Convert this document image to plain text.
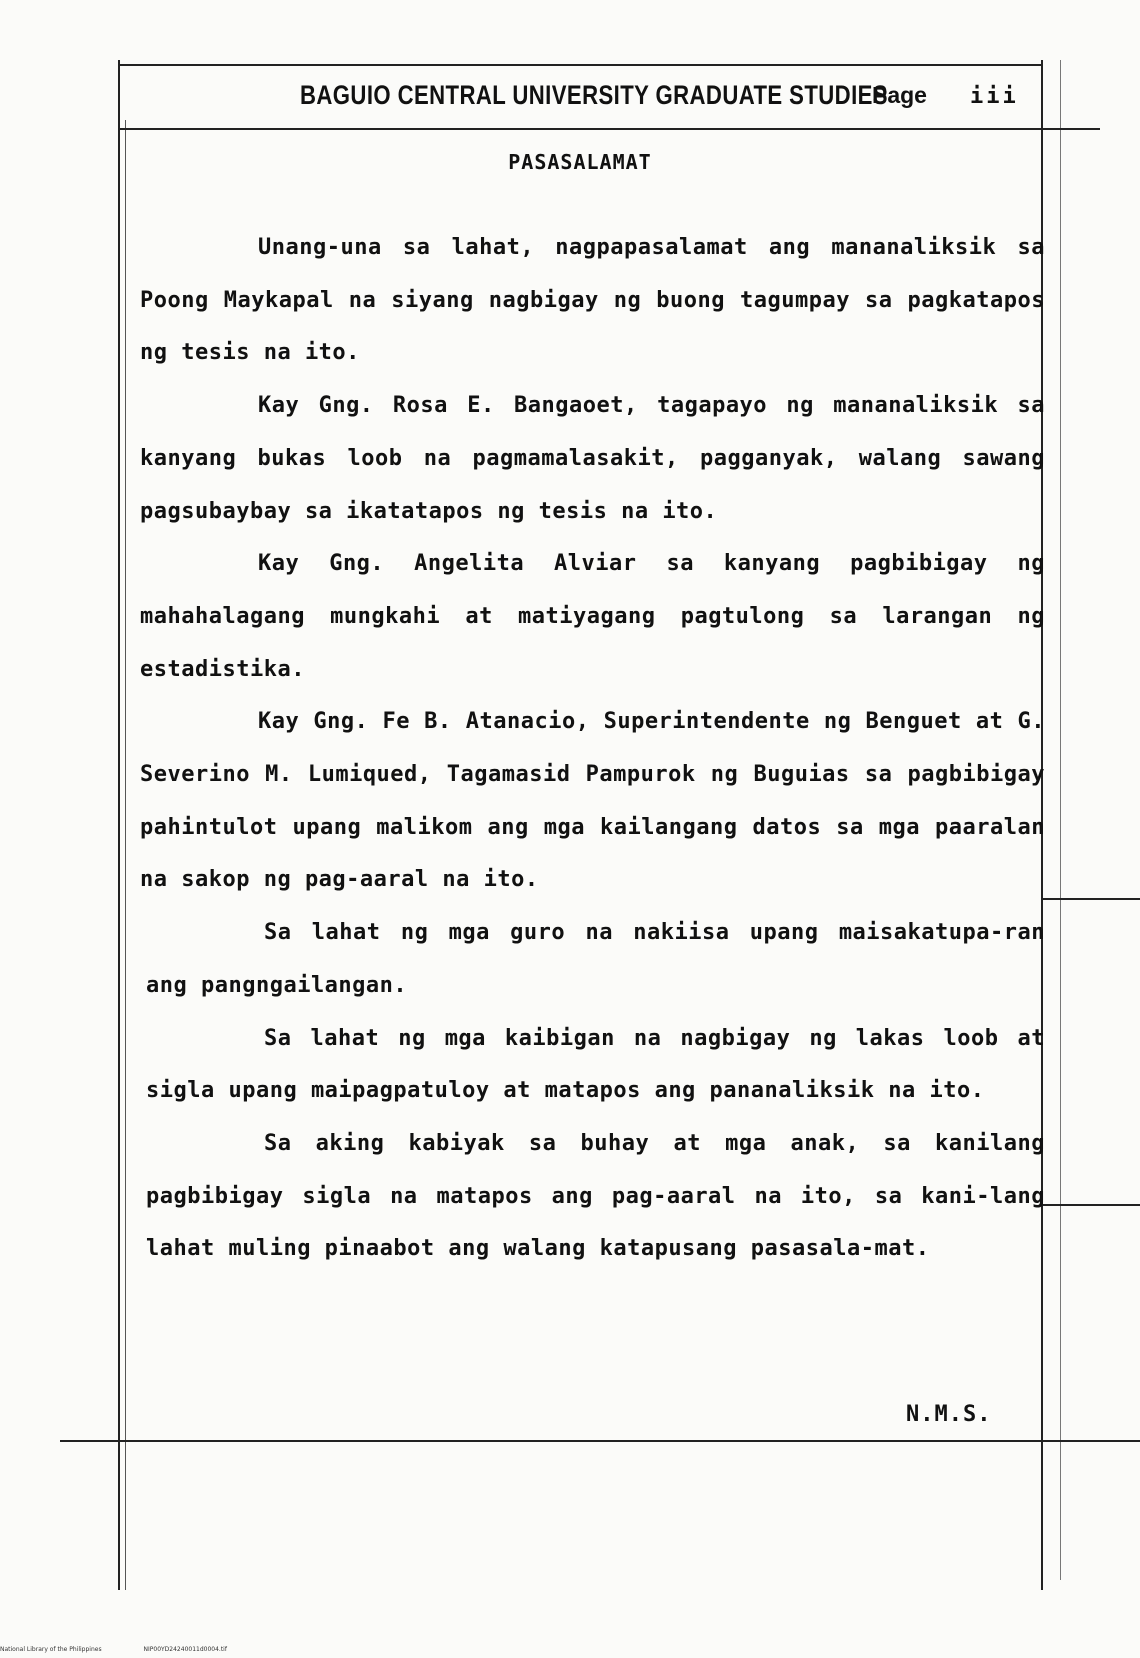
BAGUIO CENTRAL UNIVERSITY GRADUATE STUDIES
Page iii
PASASALAMAT

Unang-una sa lahat, nagpapasalamat ang mananaliksik sa Poong Maykapal na siyang nagbigay ng buong tagumpay sa pagkatapos ng tesis na ito.

Kay Gng. Rosa E. Bangaoet, tagapayo ng mananaliksik sa kanyang bukas loob na pagmamalasakit, pagganyak, walang sawang pagsubaybay sa ikatatapos ng tesis na ito.

Kay Gng. Angelita Alviar sa kanyang pagbibigay ng mahahalagang mungkahi at matiyagang pagtulong sa larangan ng estadistika.

Kay Gng. Fe B. Atanacio, Superintendente ng Benguet at G. Severino M. Lumiqued, Tagamasid Pampurok ng Buguias sa pagbibigay pahintulot upang malikom ang mga kailangang datos sa mga paaralan na sakop ng pag-aaral na ito.

Sa lahat ng mga guro na nakiisa upang maisakatupa-ran ang pangngailangan.

Sa lahat ng mga kaibigan na nagbigay ng lakas loob at sigla upang maipagpatuloy at matapos ang pananaliksik na ito.

Sa aking kabiyak sa buhay at mga anak, sa kanilang pagbibigay sigla na matapos ang pag-aaral na ito, sa kani-lang lahat muling pinaabot ang walang katapusang pasasala-mat.

N.M.S.
National Library of the Philippines	NIP00YD24240011d0004.tif
